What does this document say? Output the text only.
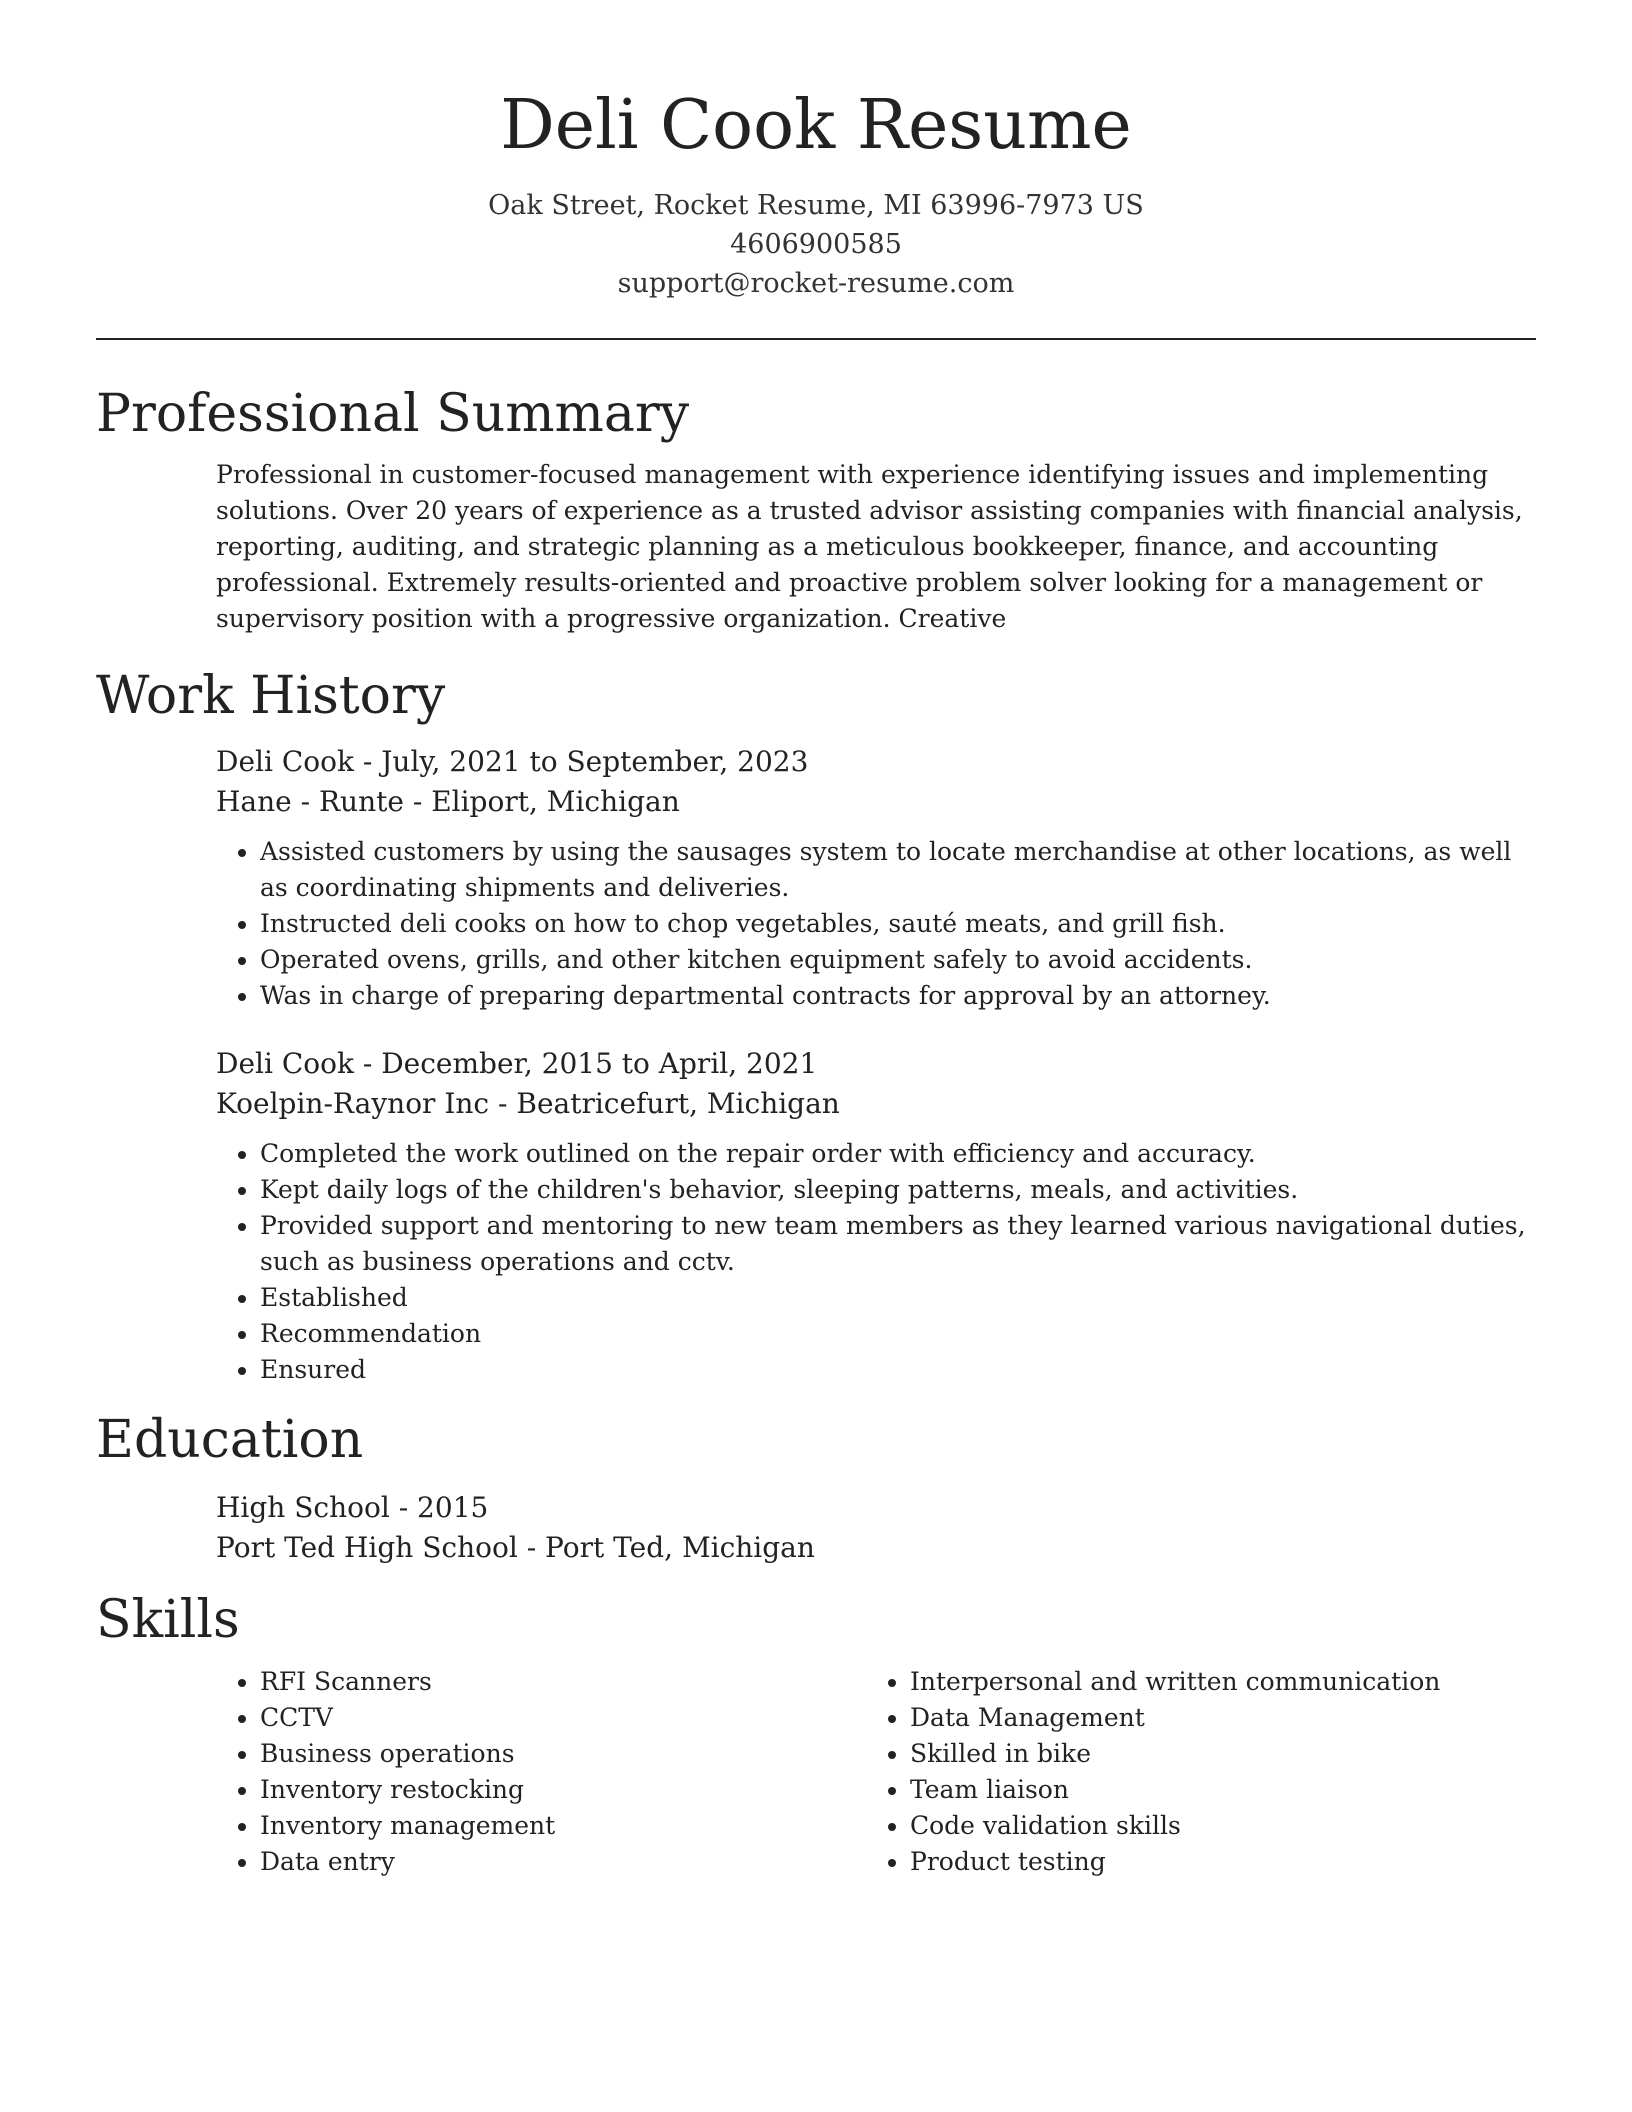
Deli Cook Resume
Oak Street, Rocket Resume, MI 63996-7973 US
4606900585
support@rocket-resume.com
Professional Summary
Professional in customer-focused management with experience identifying issues and implementing solutions. Over 20 years of experience as a trusted advisor assisting companies with financial analysis, reporting, auditing, and strategic planning as a meticulous bookkeeper, finance, and accounting professional. Extremely results-oriented and proactive problem solver looking for a management or supervisory position with a progressive organization. Creative
Work History
Deli Cook - July, 2021 to September, 2023
Hane - Runte - Eliport, Michigan
• Assisted customers by using the sausages system to locate merchandise at other locations, as well as coordinating shipments and deliveries.
• Instructed deli cooks on how to chop vegetables, sauté meats, and grill fish.
• Operated ovens, grills, and other kitchen equipment safely to avoid accidents.
• Was in charge of preparing departmental contracts for approval by an attorney.
Deli Cook - December, 2015 to April, 2021
Koelpin-Raynor Inc - Beatricefurt, Michigan
• Completed the work outlined on the repair order with efficiency and accuracy.
• Kept daily logs of the children's behavior, sleeping patterns, meals, and activities.
• Provided support and mentoring to new team members as they learned various navigational duties, such as business operations and cctv.
• Established
• Recommendation
• Ensured
Education
High School - 2015
Port Ted High School - Port Ted, Michigan
Skills
• RFI Scanners
• CCTV
• Business operations
• Inventory restocking
• Inventory management
• Data entry
• Interpersonal and written communication
• Data Management
• Skilled in bike
• Team liaison
• Code validation skills
• Product testing
